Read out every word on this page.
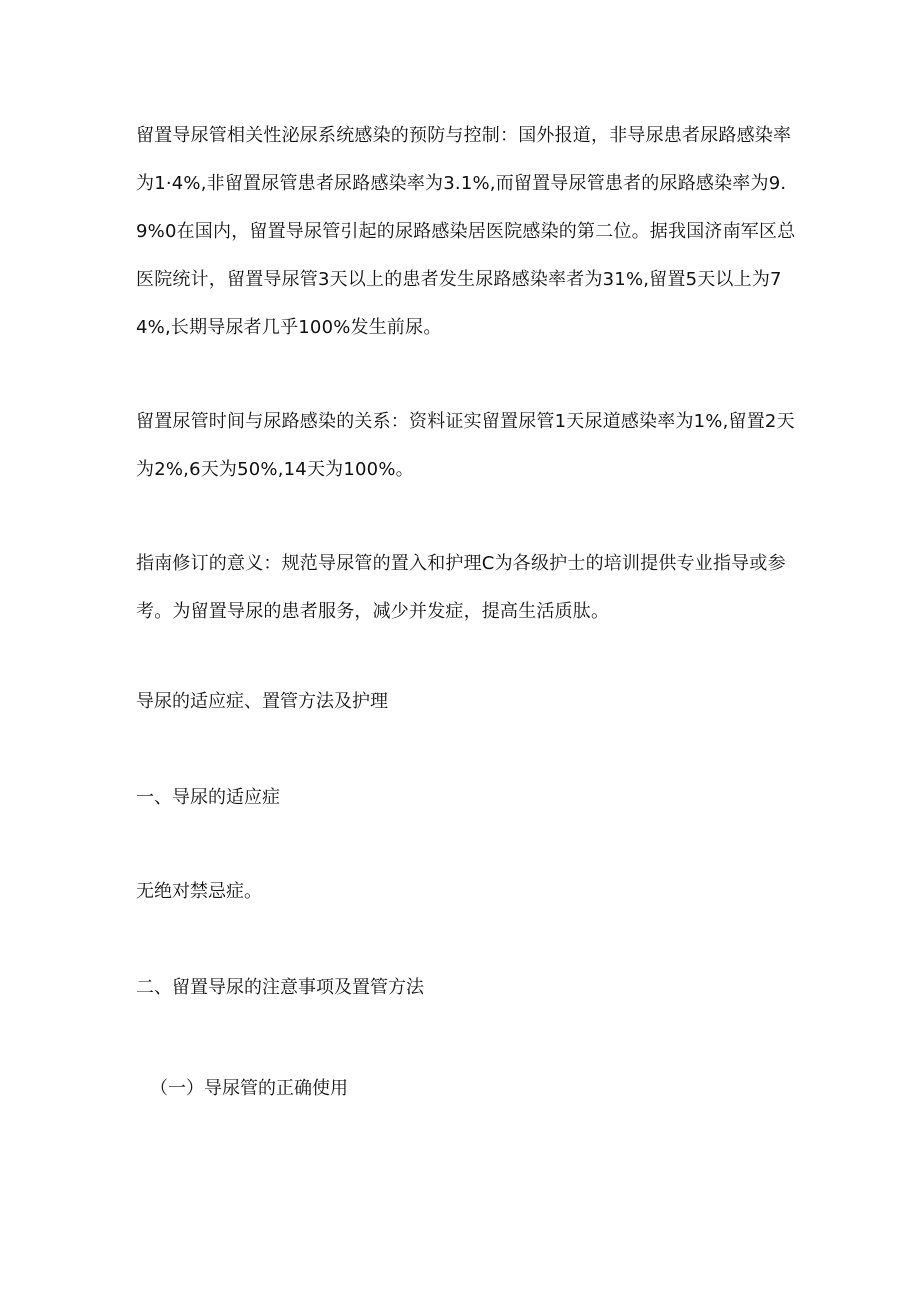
留置导尿管相关性泌尿系统感染的预防与控制：国外报道，非导尿患者尿路感染率为1·4%,非留置尿管患者尿路感染率为3.1%,而留置导尿管患者的尿路感染率为9.9%0在国内，留置导尿管引起的尿路感染居医院感染的第二位。据我国济南军区总医院统计，留置导尿管3天以上的患者发生尿路感染率者为31%,留置5天以上为74%,长期导尿者几乎100%发生前尿。

留置尿管时间与尿路感染的关系：资料证实留置尿管1天尿道感染率为1%,留置2天为2%,6天为50%,14天为100%。

指南修订的意义：规范导尿管的置入和护理C为各级护士的培训提供专业指导或参考。为留置导尿的患者服务，减少并发症，提高生活质肽。

导尿的适应症、置管方法及护理

一、导尿的适应症

无绝对禁忌症。

二、留置导尿的注意事项及置管方法

（一）导尿管的正确使用
